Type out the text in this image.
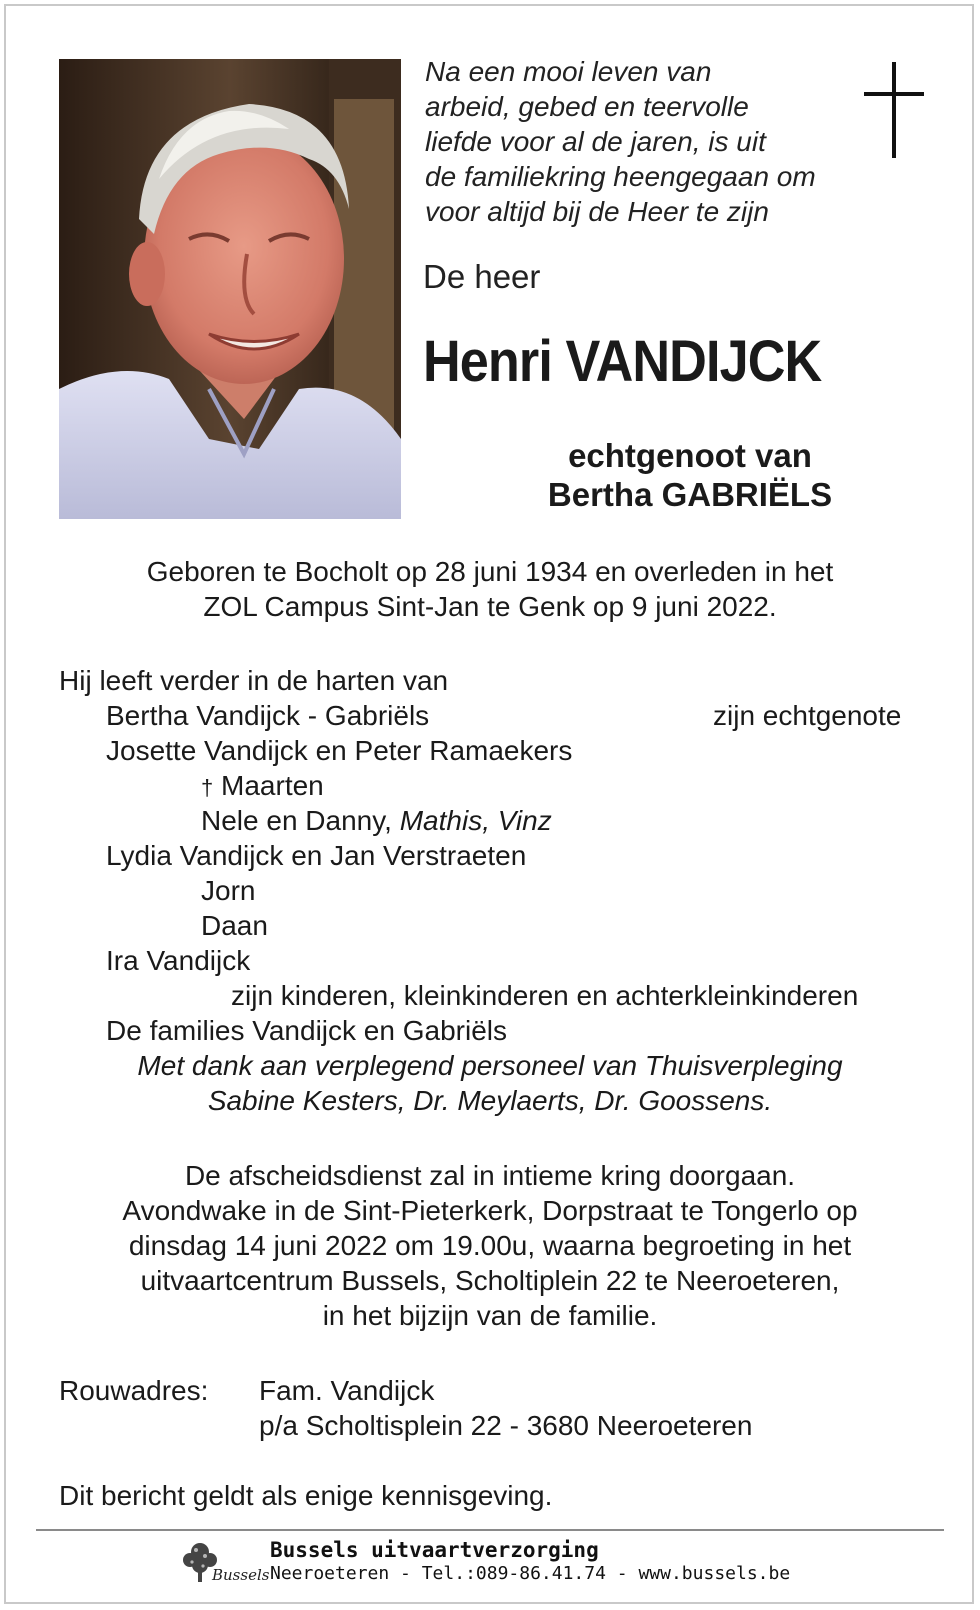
Na een mooi leven van
arbeid, gebed en teervolle
liefde voor al de jaren, is uit
de familiekring heengegaan om
voor altijd bij de Heer te zijn
De heer
Henri VANDIJCK
echtgenoot van
Bertha GABRIËLS
Geboren te Bocholt op 28 juni 1934 en overleden in het
ZOL Campus Sint-Jan te Genk op 9 juni 2022.
Hij leeft verder in de harten van
Bertha Vandijck - Gabriëls	zijn echtgenote
Josette Vandijck en Peter Ramaekers
† Maarten
Nele en Danny, Mathis, Vinz
Lydia Vandijck en Jan Verstraeten
Jorn
Daan
Ira Vandijck
zijn kinderen, kleinkinderen en achterkleinkinderen
De families Vandijck en Gabriëls
Met dank aan verplegend personeel van Thuisverpleging
Sabine Kesters, Dr. Meylaerts, Dr. Goossens.
De afscheidsdienst zal in intieme kring doorgaan.
Avondwake in de Sint-Pieterkerk, Dorpstraat te Tongerlo op
dinsdag 14 juni 2022 om 19.00u, waarna begroeting in het
uitvaartcentrum Bussels, Scholtiplein 22 te Neeroeteren,
in het bijzijn van de familie.
Rouwadres: Fam. Vandijck
p/a Scholtisplein 22 - 3680 Neeroeteren
Dit bericht geldt als enige kennisgeving.
Bussels
Bussels uitvaartverzorging
Neeroeteren - Tel.:089-86.41.74 - www.bussels.be
